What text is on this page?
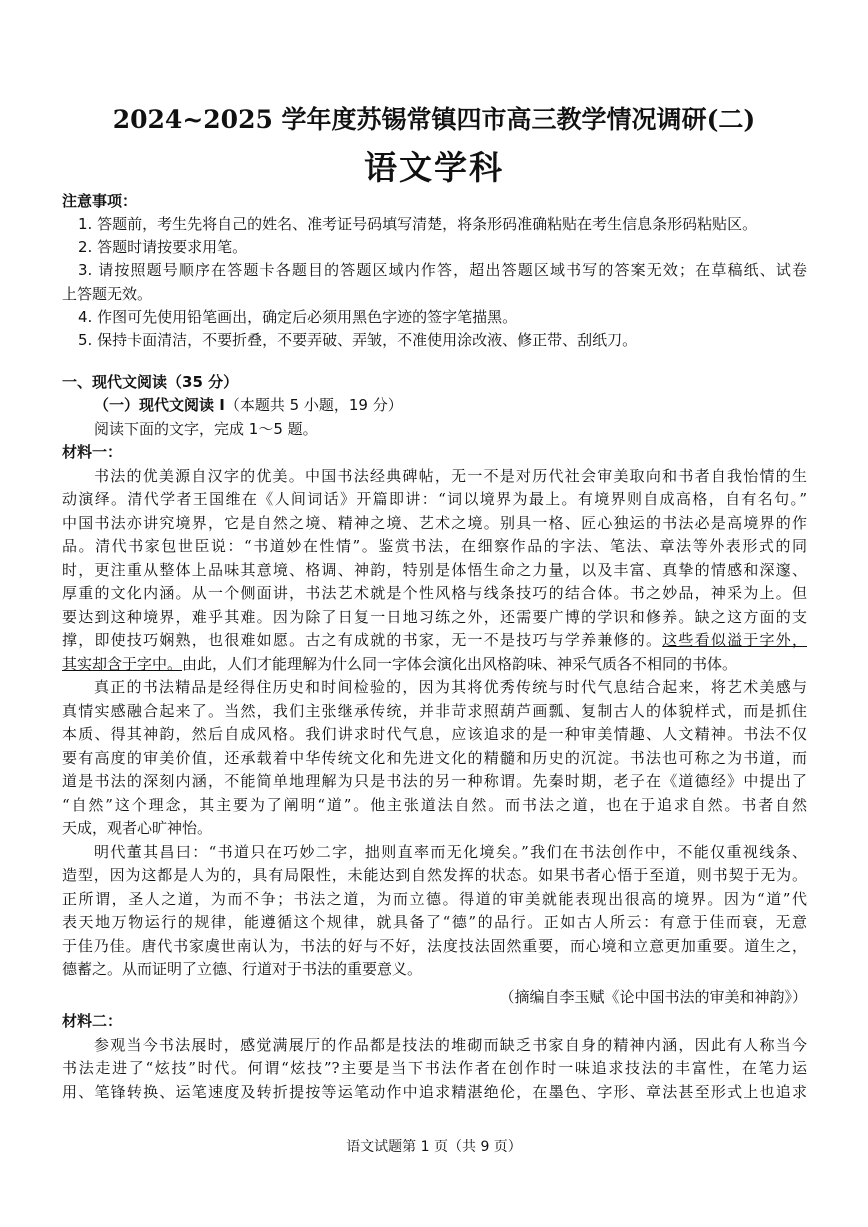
2024~2025 学年度苏锡常镇四市高三教学情况调研(二)
语文学科
注意事项：
1. 答题前，考生先将自己的姓名、准考证号码填写清楚，将条形码准确粘贴在考生信息条形码粘贴区。
2. 答题时请按要求用笔。
3. 请按照题号顺序在答题卡各题目的答题区域内作答，超出答题区域书写的答案无效；在草稿纸、试卷
上答题无效。
4. 作图可先使用铅笔画出，确定后必须用黑色字迹的签字笔描黑。
5. 保持卡面清洁，不要折叠，不要弄破、弄皱，不准使用涂改液、修正带、刮纸刀。
一、现代文阅读（35 分）
（一）现代文阅读 I（本题共 5 小题，19 分）
阅读下面的文字，完成 1～5 题。
材料一：
书法的优美源自汉字的优美。中国书法经典碑帖，无一不是对历代社会审美取向和书者自我怡情的生
动演绎。清代学者王国维在《人间词话》开篇即讲：“词以境界为最上。有境界则自成高格，自有名句。”
中国书法亦讲究境界，它是自然之境、精神之境、艺术之境。别具一格、匠心独运的书法必是高境界的作
品。清代书家包世臣说：“书道妙在性情”。鉴赏书法，在细察作品的字法、笔法、章法等外表形式的同
时，更注重从整体上品味其意境、格调、神韵，特别是体悟生命之力量，以及丰富、真挚的情感和深邃、
厚重的文化内涵。从一个侧面讲，书法艺术就是个性风格与线条技巧的结合体。书之妙品，神采为上。但
要达到这种境界，难乎其难。因为除了日复一日地习练之外，还需要广博的学识和修养。缺之这方面的支
撑，即使技巧娴熟，也很难如愿。古之有成就的书家，无一不是技巧与学养兼修的。这些看似溢于字外，
其实却含于字中。由此，人们才能理解为什么同一字体会演化出风格韵味、神采气质各不相同的书体。
真正的书法精品是经得住历史和时间检验的，因为其将优秀传统与时代气息结合起来，将艺术美感与
真情实感融合起来了。当然，我们主张继承传统，并非苛求照葫芦画瓢、复制古人的体貌样式，而是抓住
本质、得其神韵，然后自成风格。我们讲求时代气息，应该追求的是一种审美情趣、人文精神。书法不仅
要有高度的审美价值，还承载着中华传统文化和先进文化的精髓和历史的沉淀。书法也可称之为书道，而
道是书法的深刻内涵，不能简单地理解为只是书法的另一种称谓。先秦时期，老子在《道德经》中提出了
“自然”这个理念，其主要为了阐明“道”。他主张道法自然。而书法之道，也在于追求自然。书者自然
天成，观者心旷神怡。
明代董其昌曰：“书道只在巧妙二字，拙则直率而无化境矣。”我们在书法创作中，不能仅重视线条、
造型，因为这都是人为的，具有局限性，未能达到自然发挥的状态。如果书者心悟于至道，则书契于无为。
正所谓，圣人之道，为而不争；书法之道，为而立德。得道的审美就能表现出很高的境界。因为“道”代
表天地万物运行的规律，能遵循这个规律，就具备了“德”的品行。正如古人所云：有意于佳而衰，无意
于佳乃佳。唐代书家虞世南认为，书法的好与不好，法度技法固然重要，而心境和立意更加重要。道生之，
德蓄之。从而证明了立德、行道对于书法的重要意义。
（摘编自李玉赋《论中国书法的审美和神韵》）
材料二：
参观当今书法展时，感觉满展厅的作品都是技法的堆砌而缺乏书家自身的精神内涵，因此有人称当今
书法走进了“炫技”时代。何谓“炫技”?主要是当下书法作者在创作时一味追求技法的丰富性，在笔力运
用、笔锋转换、运笔速度及转折提按等运笔动作中追求精湛绝伦，在墨色、字形、章法甚至形式上也追求
语文试题第 1 页（共 9 页）
